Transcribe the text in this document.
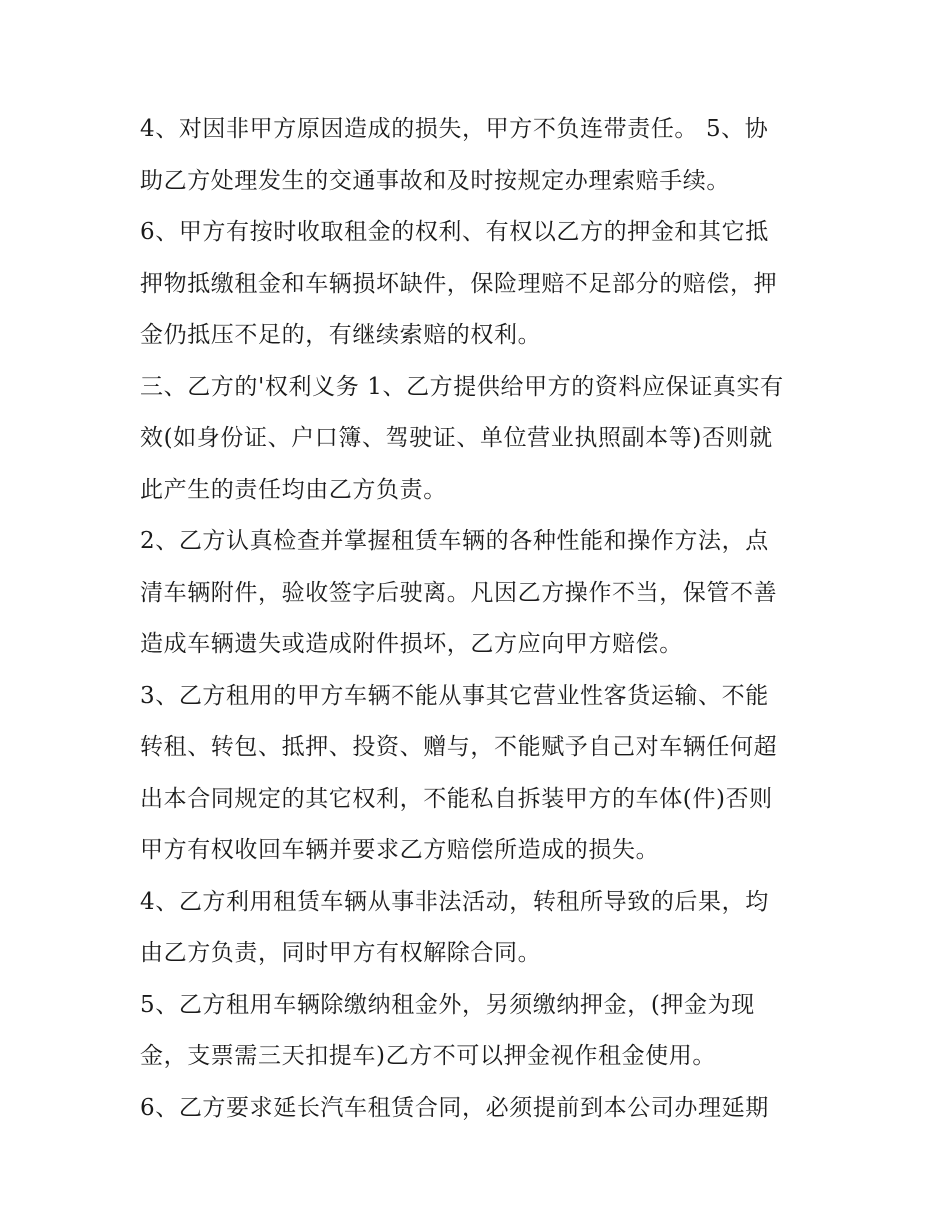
4、对因非甲方原因造成的损失，甲方不负连带责任。 5、协
助乙方处理发生的交通事故和及时按规定办理索赔手续。
6、甲方有按时收取租金的权利、有权以乙方的押金和其它抵
押物抵缴租金和车辆损坏缺件，保险理赔不足部分的赔偿，押
金仍抵压不足的，有继续索赔的权利。
三、乙方的'权利义务 1、乙方提供给甲方的资料应保证真实有
效(如身份证、户口簿、驾驶证、单位营业执照副本等)否则就
此产生的责任均由乙方负责。
2、乙方认真检查并掌握租赁车辆的各种性能和操作方法，点
清车辆附件，验收签字后驶离。凡因乙方操作不当，保管不善
造成车辆遗失或造成附件损坏，乙方应向甲方赔偿。
3、乙方租用的甲方车辆不能从事其它营业性客货运输、不能
转租、转包、抵押、投资、赠与，不能赋予自己对车辆任何超
出本合同规定的其它权利，不能私自拆装甲方的车体(件)否则
甲方有权收回车辆并要求乙方赔偿所造成的损失。
4、乙方利用租赁车辆从事非法活动，转租所导致的后果，均
由乙方负责，同时甲方有权解除合同。
5、乙方租用车辆除缴纳租金外，另须缴纳押金，(押金为现
金，支票需三天扣提车)乙方不可以押金视作租金使用。
6、乙方要求延长汽车租赁合同，必须提前到本公司办理延期
